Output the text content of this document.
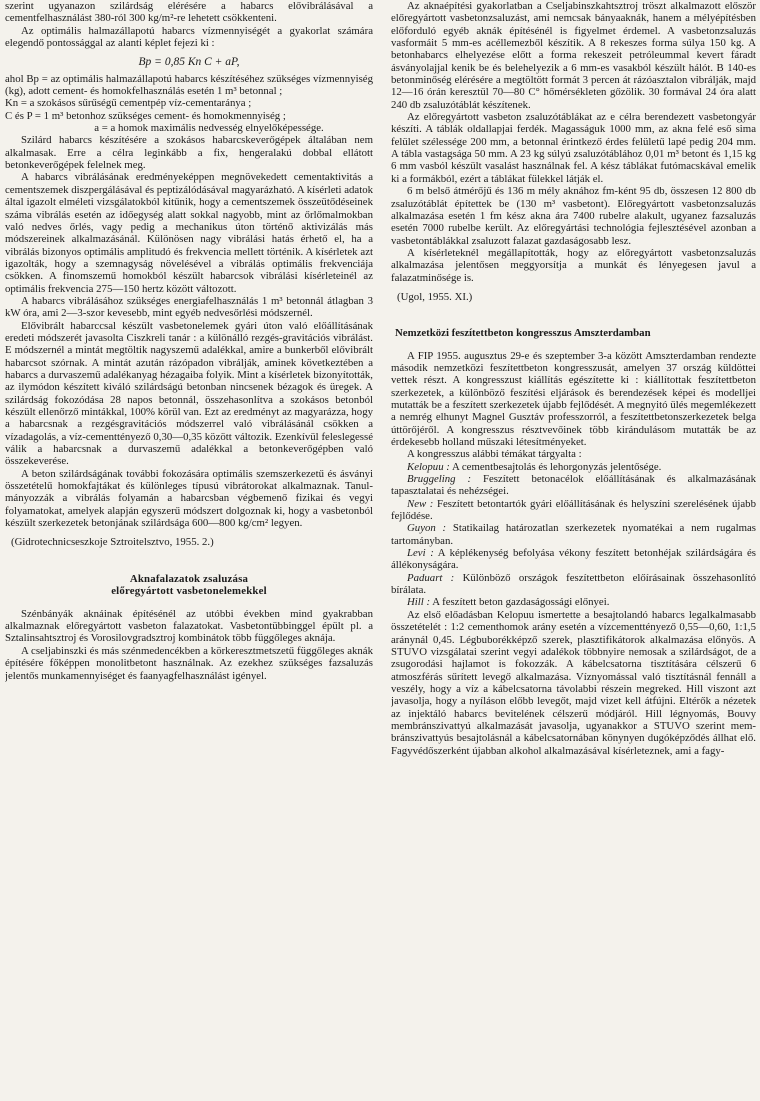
szerint ugyanazon szilárdság elérésére a habarcs elővibrálásával a cementfelhasználást 380-ról 300 kg/m²-re lehetett csökkenteni.

Az optimális halmazállapotú habarcs vízmennyiségét a gyakorlat számára elegendő pontossággal az alanti képlet fejezi ki :

Bp = 0,85 Kn C + aP,

ahol Bp = az optimális halmazállapotú habarcs készítéséhez szükséges vízmennyiség (kg), adott cement- és homokfelhasználás esetén 1 m³ betonnal ;

Kn = a szokásos sűrűségű cementpép víz-cementaránya ;

C és P = 1 m³ betonhoz szükséges cement- és homokmennyiség ;

a = a homok maximális nedvesség elnyelőképessége.

Szilárd habarcs készítésére a szokásos habarcskeverőgépek általában nem alkalmasak. Erre a célra leginkább a fix, hengeralakú dobbal ellátott betonkeverőgépek felelnek meg.

A habarcs vibrálásának eredményeképpen megnövekedett cementaktivitás a cementszemek diszpergálásával és peptizálódásával magyarázható. A kísérleti adatok által igazolt elméleti vizsgálatokból kitűnik, hogy a cementszemek összeütődéseinek száma vibrálás esetén az időegység alatt sokkal nagyobb, mint az őrlőmalmokban való nedves őrlés, vagy pedig a mechanikus úton történő aktivizálás más módszereinek alkalmazásánál. Különösen nagy vibrálási hatás érhető el, ha a vibrálás bizonyos optimális amplitudó és frekvencia mellett történik. A kísérletek azt igazolták, hogy a szemnagyság növelésével a vibrálás optimális frekvenciája csökken. A finomszemű homokból készült habarcsok vibrálási kísérleteinél az optimális frekvencia 275—150 hertz között változott.

A habarcs vibrálásához szükséges energiafelhasználás 1 m³ betonnál átlagban 3 kW óra, ami 2—3-szor kevesebb, mint egyéb nedvesőrlési módszernél.

Elővibrált habarccsal készült vasbetonelemek gyári úton való előállításának eredeti módszerét javasolta Ciszkreli tanár : a különálló rezgés-gravitációs vibrálást. E módszernél a mintát megtöltik nagyszemű adalékkal, amire a bunkerből elővibrált habarcsot szórnak. A mintát azután rázópadon vibrálják, aminek következtében a habarcs a durvaszemű adalékanyag hézagaiba folyik. Mint a kísérletek bizonyították, az ilymódon készített kiváló szilárdságú betonban nincsenek bézagok és üregek. A szilárdság fokozódása 28 napos betonnál, összehasonlítva a szokásos betonból készült ellenőrző mintákkal, 100% körül van. Ezt az eredményt az magyarázza, hogy a habarcsnak a rezgésgravitációs módszerrel való vibrálásánál csökken a vízadagolás, a víz-cementtényező 0,30—0,35 között változik. Ezenkívül feleslegessé válik a habarcsnak a durvaszemű adalékkal a betonkeverőgépben való összekeverése.

A beton szilárdságának további fokozására optimális szemszerkezetű és ásványi összetételű homokfajtákat és különleges típusú vibrátorokat alkalmaznak. Tanulmányozzák a vibrálás folyamán a habarcsban végbemenő fizikai és vegyi folyamatokat, amelyek alapján egyszerű módszert dolgoznak ki, hogy a vasbetonból készült szerkezetek betonjának szilárdsága 600—800 kg/cm² legyen.

(Gidrotechnicseszkoje Sztroitelsztvo, 1955. 2.)

Aknafalazatok zsaluzása
előregyártott vasbetonelemekkel

Szénbányák aknáinak építésénél az utóbbi években mind gyakrabban alkalmaznak előregyártott vasbeton falazatokat. Vasbetontübbinggel épült pl. a Sztalinsahtsztroj és Vorosilovgradsztroj kombinátok több függőleges aknája.

A cseljabinszki és más szénmedencékben a körkeresztmetszetű függőleges aknák építésére főképpen monolitbetont használnak. Az ezekhez szükséges fazsaluzás jelentős munkamennyiséget és faanyagfelhasználást igényel.

Az aknaépítési gyakorlatban a Cseljabinszkahtsztroj tröszt alkalmazott először előregyártott vasbetonzsaluzást, ami nemcsak bányaaknák, hanem a mélyépítésben előforduló egyéb aknák építésénél is figyelmet érdemel. A vasbetonzsaluzás vasformáit 5 mm-es acéllemezből készítik. A 8 rekeszes forma súlya 150 kg. A betonhabarcs elhelyezése előtt a forma rekeszeit petróleummal kevert fáradt ásványolajjal kenik be és belehelyezik a 6 mm-es vasakból készült hálót. B 140-es betonminőség elérésére a megtöltött formát 3 percen át rázóasztalon vibrálják, majd 12—16 órán keresztül 70—80 C° hőmérsékleten gőzölik. 30 formával 24 óra alatt 240 db zsaluzótáblát készítenek.

Az előregyártott vasbeton zsaluzótáblákat az e célra berendezett vasbetongyár készíti. A táblák oldallapjai ferdék. Magasságuk 1000 mm, az akna felé eső sima felület szélessége 200 mm, a betonnal érintkező érdes felületű lapé pedig 204 mm. A tábla vastagsága 50 mm. A 23 kg súlyú zsaluzótáblához 0,01 m³ betont és 1,15 kg 6 mm vasból készült vasalást használnak fel. A kész táblákat futómacskával emelik ki a formákból, ezért a táblákat fülekkel látják el.

6 m belső átmérőjű és 136 m mély aknához fm-ként 95 db, összesen 12 800 db zsaluzótáblát építettek be (130 m³ vasbetont). Előregyártott vasbetonzsaluzás alkalmazása esetén 1 fm kész akna ára 7400 rubelre alakult, ugyanez fazsaluzás esetén 7000 rubelbe került. Az előregyártási technológia fejlesztésével azonban a vasbetontáblákkal zsaluzott falazat gazdaságosabb lesz.

A kísérleteknél megállapították, hogy az előregyártott vasbetonzsaluzás alkalmazása jelentősen meggyorsítja a munkát és lényegesen javul a falazatminősége is.

(Ugol, 1955. XI.)

Nemzetközi feszítettbeton kongresszus Amszterdamban

A FIP 1955. augusztus 29-e és szeptember 3-a között Amszterdamban rendezte második nemzetközi feszítettbeton kongresszusát, amelyen 37 ország küldöttei vettek részt. A kongresszust kiállítás egészítette ki : kiállítottak feszítettbeton szerkezetek, a különböző feszítési eljárások és berendezések képei és modelljei mutatták be a feszített szerkezetek újabb fejlődését. A megnyitó ülés megemlékezett a nemrég elhunyt Magnel Gusztáv professzorról, a feszítettbetonszerkezetek belga úttörőjéről. A kongresszus résztvevőinek több kirándulásom mutatták be az érdekesebb holland műszaki létesítményeket.

A kongresszus alábbi témákat tárgyalta :

Kelopuu : A cementbesajtolás és lehorgonyzás jelentősége.

Bruggeling : Feszített betonacélok előállításának és alkalmazásának tapasztalatai és nehézségei.

New : Feszített betontartók gyári előállításának és helyszíni szerelésének újabb fejlődése.

Guyon : Statikailag határozatlan szerkezetek nyomatékai a nem rugalmas tartományban.

Levi : A képlékenység befolyása vékony feszített betonhéjak szilárdságára és állékonyságára.

Paduart : Különböző országok feszítettbeton előírásainak összehasonlító bírálata.

Hill : A feszített beton gazdaságossági előnyei.

Az első előadásban Kelopuu ismertette a besajtolandó habarcs legalkalmasabb összetételét : 1:2 cementhomok arány esetén a vízcementtényező 0,55—0,60, 1:1,5 aránynál 0,45. Légbuborékképző szerek, plasztifikátorok alkalmazása előnyös. A STUVO vizsgálatai szerint vegyi adalékok többnyire nemosak a szilárdságot, de a zsugorodási hajlamot is fokozzák. A kábelcsatorna tisztítására célszerű 6 atmoszférás sűrített levegő alkalmazása. Víznyomással való tisztításnál fennáll a veszély, hogy a víz a kábelcsatorna távolabbi részein megreked. Hill viszont azt javasolja, hogy a nyíláson előbb levegőt, majd vizet kell átfújni. Eltérők a nézetek az injektáló habarcs bevitelének célszerű módjáról. Hill légnyomás, Bouvy membránszivattyú alkalmazását javasolja, ugyanakkor a STUVO szerint membránszivattyús besajtolásnál a kábelcsatornában könynyen dugóképződés állhat elő. Fagyvédőszerként újabban alkohol alkalmazásával kísérleteznek, ami a fagy-
